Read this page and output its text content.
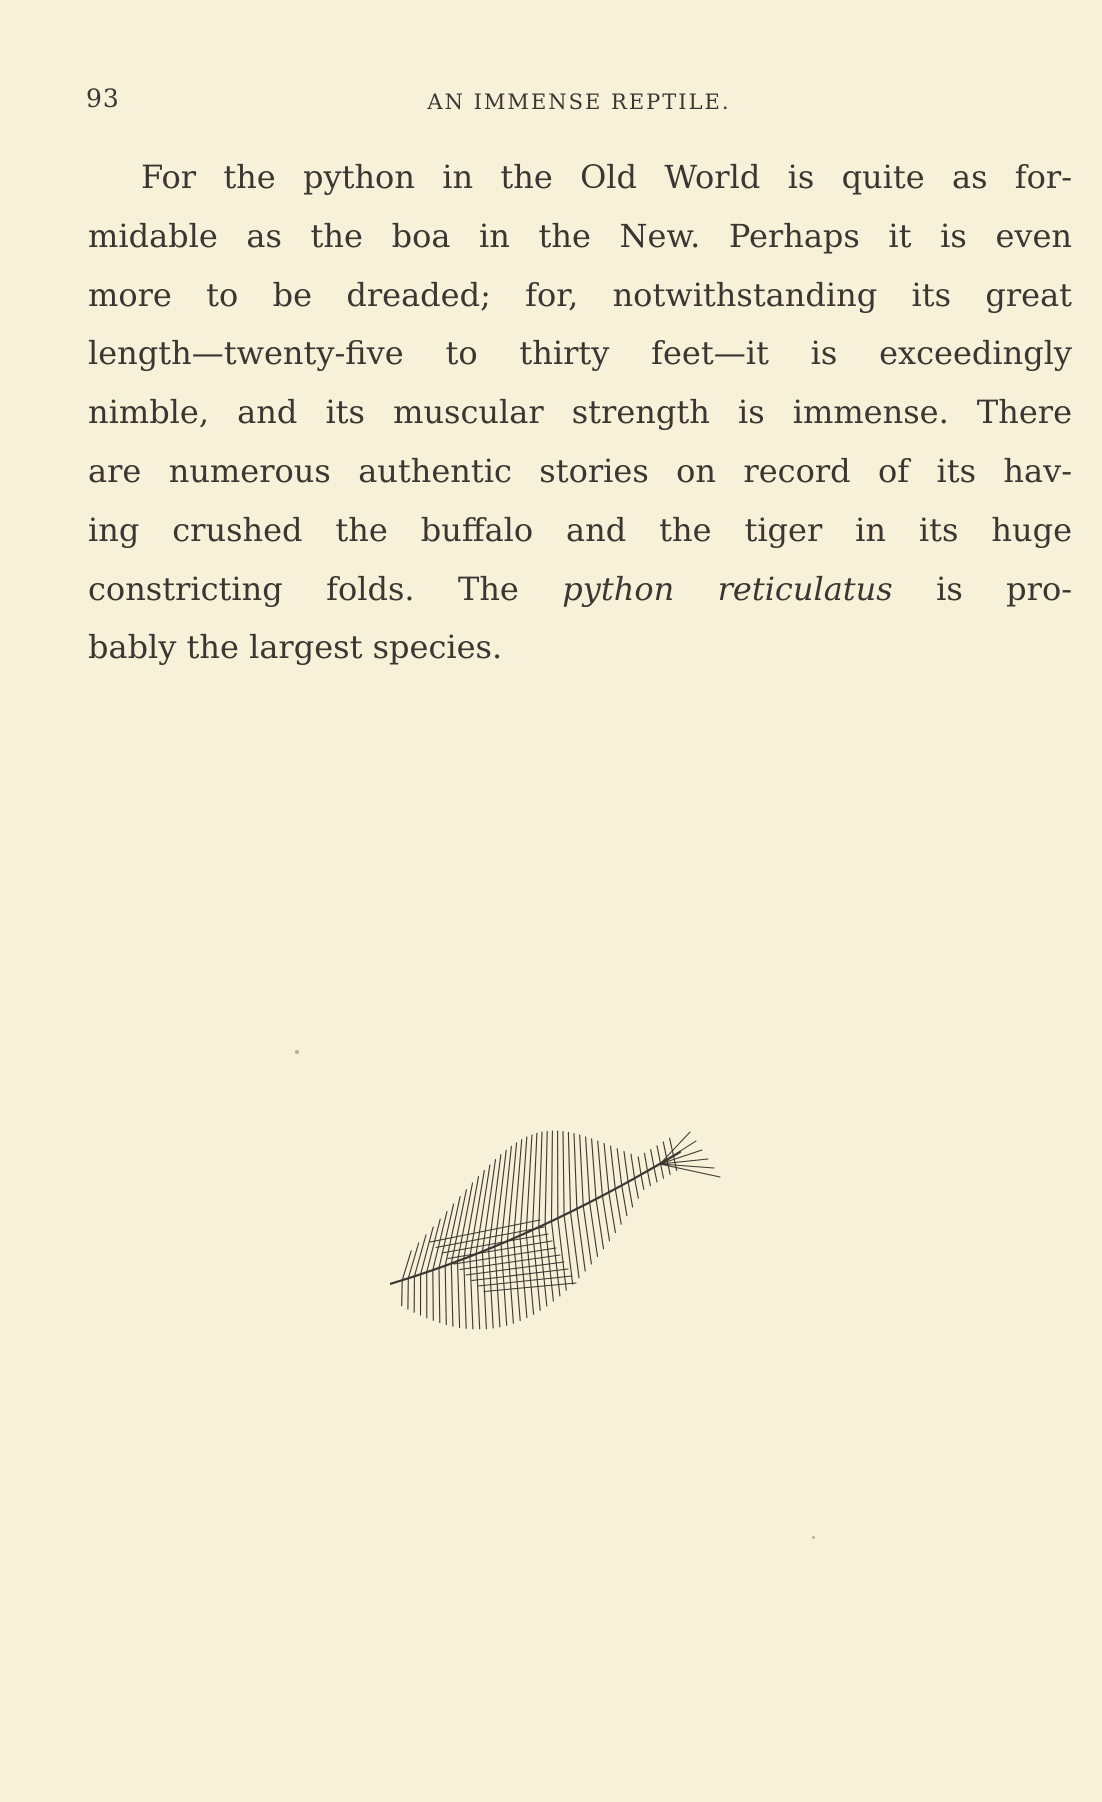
93	AN IMMENSE REPTILE.
For the python in the Old World is quite as for-
midable as the boa in the New. Perhaps it is even
more to be dreaded; for, notwithstanding its great
length—twenty-five to thirty feet—it is exceedingly
nimble, and its muscular strength is immense. There
are numerous authentic stories on record of its hav-
ing crushed the buffalo and the tiger in its huge
constricting folds. The python reticulatus is pro-
bably the largest species.
